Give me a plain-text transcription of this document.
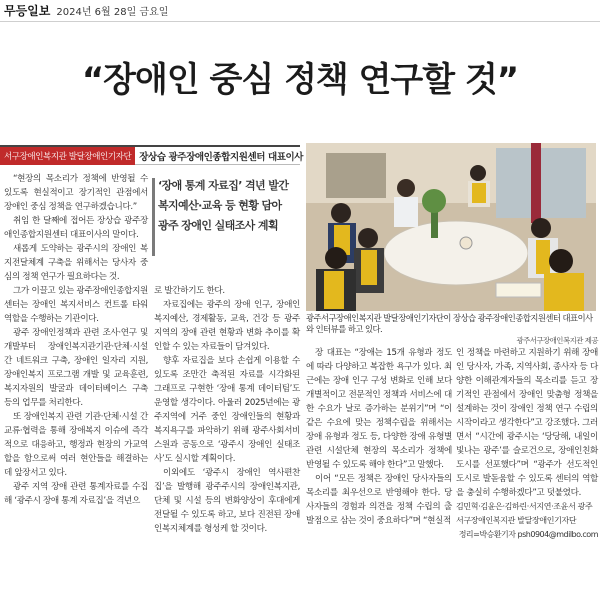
무등일보 2024년 6월 28일 금요일
“장애인 중심 정책 연구할 것”
서구장애인복지관 발달장애인기자단 장상습 광주장애인종합지원센터 대표이사

“현장의 목소리가 정책에 반영될 수 있도록 현실적이고 장기적인 관점에서 장애인 중심 정책을 연구하겠습니다.”

취임 한 달째에 접어든 장상습 광주장애인종합지원센터 대표이사의 말이다.

새롭게 도약하는 광주시의 장애인 복지전달체계 구축을 위해서는 당사자 중심의 정책 연구가 필요하다는 것.

그가 이끌고 있는 광주장애인종합지원센터는 장애인 복지서비스 컨트롤 타워 역할을 수행하는 기관이다.

광주 장애인정책과 관련 조사·연구 및 개발부터 장애인복지관기관·단체·시설 간 네트워크 구축, 장애인 일자리 지원, 장애인복지 프로그램 개발 및 교육훈련, 복지자원의 발굴과 데이터베이스 구축 등의 업무를 처리한다.

또 장애인복지 관련 기관·단체·시설 간 교류·협력을 통해 장애복지 이슈에 즉각적으로 대응하고, 행정과 현장의 가교역할을 함으로써 여러 현안들을 해결하는 데 앞장서고 있다.

광주 지역 장애 관련 통계자료를 수집해 ‘광주시 장애 통계 자료집’을 격년으

‘장애 통계 자료집’ 격년 발간
복지예산·교육 등 현황 담아
광주 장애인 실태조사 계획

로 발간하기도 한다.

자료집에는 광주의 장애 인구, 장애인 복지예산, 경제활동, 교육, 건강 등 광주 지역의 장애 관련 현황과 변화 추이를 확인할 수 있는 자료들이 담겨있다.

향후 자료집을 보다 손쉽게 이용할 수 있도록 조만간 축적된 자료를 시각화된 그래프로 구현한 ‘장애 통계 데이터팀’도 운영할 생각이다. 아울러 2025년에는 광주지역에 거주 중인 장애인들의 현황과 복지욕구를 파악하기 위해 광주사회서비스원과 공동으로 ‘광주시 장애인 실태조사’도 실시할 계획이다.

이외에도 ‘광주시 장애인 역사편찬집’을 발행해 광주주시의 장애인복지관, 단체 및 시설 등의 변화양상이 후대에게 전달될 수 있도록 하고, 보다 진전된 장애인복지체계를 형성케 할 것이다.

광주서구장애인복지관 발달장애인기자단이 장상습 광주장애인종합지원센터 대표이사와 인터뷰를 하고 있다.
광주서구장애인복지관 제공

장 대표는 “장애는 15개 유형과 정도에 따라 다양하고 복잡한 욕구가 있다. 최근에는 장애 인구 구성 변화로 인해 보다 개별적이고 전문적인 정책과 서비스에 대한 수요가 날로 증가하는 분위기”며 “이 같은 수요에 맞는 정책수립을 위해서는 장애 유형과 정도 등, 다양한 장애 유형별 관련 시설단체 현장의 목소리가 정책에 반영될 수 있도록 해야 한다”고 말했다.

이어 “모든 정책은 장애인 당사자들의 목소리를 최우선으로 반영해야 한다. 당사자들의 경험과 의견을 정책 수립의 출발점으로 삼는 것이 중요하다”며 “현실적

인 정책을 마련하고 지원하기 위해 장애인 당사자, 가족, 지역사회, 종사자 등 다양한 이해관계자들의 목소리를 듣고 장기적인 관점에서 장애인 맞춤형 정책을 설계하는 것이 장애인 정책 연구 수립의 시작이라고 생각한다”고 강조했다. 그러면서 “시간에 광주시는 ‘당당해, 내일이 빛나는 광주’를 슬로건으로, 장애인친화도시를 선포했다”며 “광주가 선도적인 도시로 발돋움할 수 있도록 센터의 역할을 충실히 수행하겠다”고 덧붙였다.

김민혁·김윤은·김하린·서지연·조윤서 광주서구장애인복지관 발달장애인기자단

정리=박승환기자 psh0904@mdilbo.com
